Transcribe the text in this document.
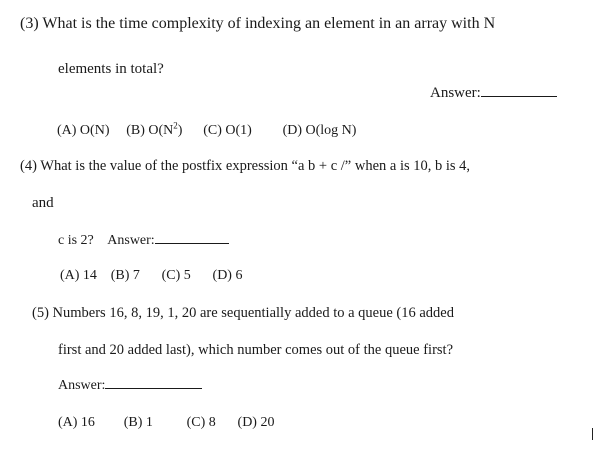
(3) What is the time complexity of indexing an element in an array with N
elements in total?
Answer:
(A) O(N) (B) $O(N^2)$ (C) O(1) (D) O(log N)
(4) What is the value of the postfix expression “a b + c /” when a is 10, b is 4,
and
c is 2? Answer:
(A) 14 (B) 7 (C) 5 (D) 6
(5) Numbers 16, 8, 19, 1, 20 are sequentially added to a queue (16 added
first and 20 added last), which number comes out of the queue first?
Answer:
(A) 16 (B) 1 (C) 8 (D) 20
